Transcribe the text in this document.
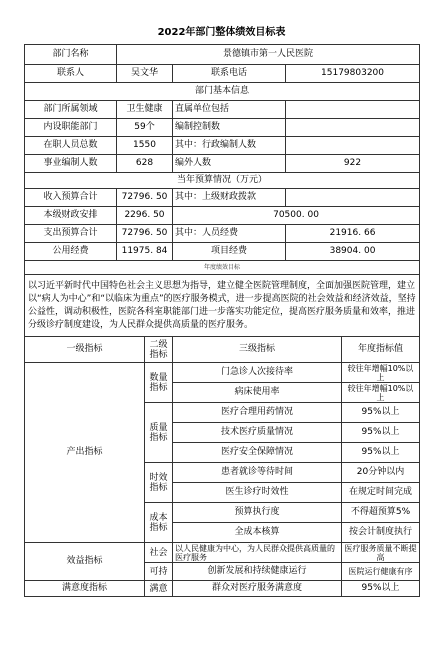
2022年部门整体绩效目标表
部门名称	景德镇市第一人民医院				
联系人	吴文华		联系电话	15179803200	
部门基本信息					
部门所属领域	卫生健康		直属单位包括		
内设职能部门	59个		编制控制数		
在职人员总数	1550		其中：行政编制人数		
事业编制人数	628		编外人数	922	
当年预算情况（万元）					
收入预算合计	72796. 50		其中：上级财政拨款		
本级财政安排	2296. 50		70500. 00		
支出预算合计	72796. 50		其中：人员经费	21916. 66	
公用经费	11975. 84		项目经费	38904. 00	
年度绩效目标					
以习近平新时代中国特色社会主义思想为指导，建立健全医院管理制度，全面加强医院管理，建立以“病人为中心”和“以临床为重点”的医疗服务模式，进一步提高医院的社会效益和经济效益，坚持公益性，调动积极性，医院各科室职能部门进一步落实功能定位，提高医疗服务质量和效率，推进分级诊疗制度建设，为人民群众提供高质量的医疗服务。					
一级指标		二级指标	三级指标		年度指标值
产出指标		数量指标	门急诊人次接待率		较往年增幅10%以上
			病床使用率		较往年增幅10%以上
		质量指标	医疗合理用药情况		95%以上
			技术医疗质量情况		95%以上
			医疗安全保障情况		95%以上
		时效指标	患者就诊等待时间		20分钟以内
			医生诊疗时效性		在规定时间完成
		成本指标	预算执行度		不得超预算5%
			全成本核算		按会计制度执行
效益指标		社会	以人民健康为中心，为人民群众提供高质量的医疗服务		医疗服务质量不断提高
		可持	创新发展和持续健康运行		医院运行健康有序
满意度指标		满意	群众对医疗服务满意度		95%以上
